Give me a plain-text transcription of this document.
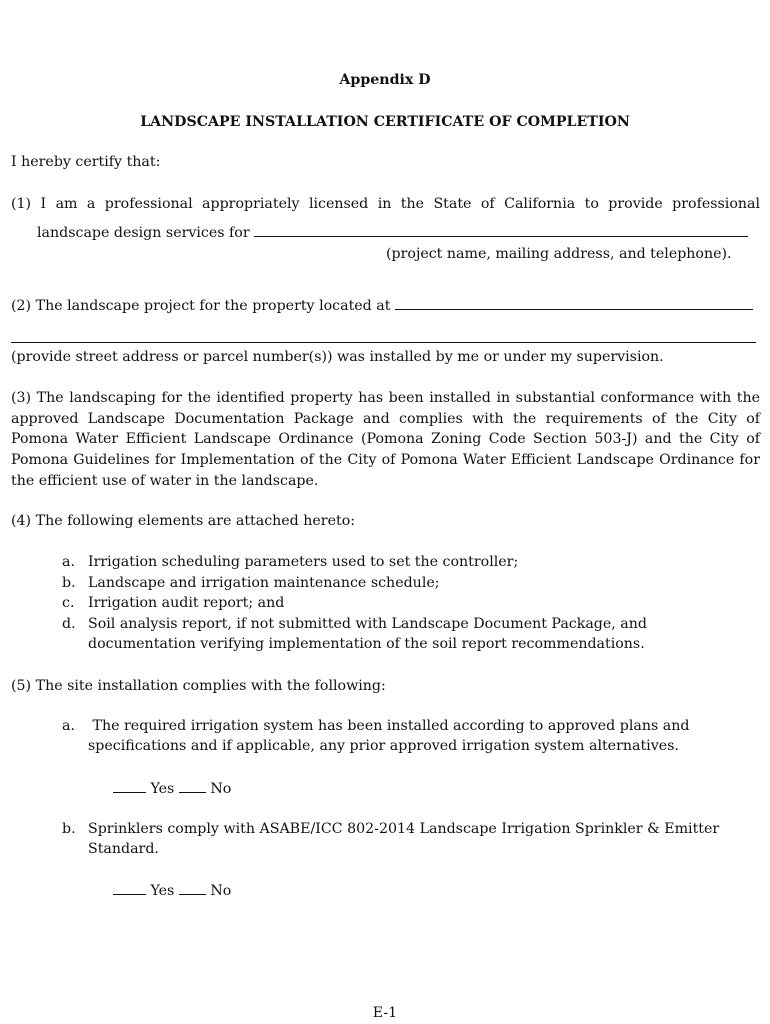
Appendix D
LANDSCAPE INSTALLATION CERTIFICATE OF COMPLETION
I hereby certify that:
(1) I am a professional appropriately licensed in the State of California to provide professional
landscape design services for
(project name, mailing address, and telephone).
(2) The landscape project for the property located at
(provide street address or parcel number(s)) was installed by me or under my supervision.
(3) The landscaping for the identified property has been installed in substantial conformance with the approved Landscape Documentation Package and complies with the requirements of the City of Pomona Water Efficient Landscape Ordinance (Pomona Zoning Code Section 503-J) and the City of Pomona Guidelines for Implementation of the City of Pomona Water Efficient Landscape Ordinance for the efficient use of water in the landscape.
(4) The following elements are attached hereto:
a. Irrigation scheduling parameters used to set the controller;
b. Landscape and irrigation maintenance schedule;
c. Irrigation audit report; and
d. Soil analysis report, if not submitted with Landscape Document Package, and
documentation verifying implementation of the soil report recommendations.
(5) The site installation complies with the following:
a. The required irrigation system has been installed according to approved plans and
specifications and if applicable, any prior approved irrigation system alternatives.
Yes	No
b. Sprinklers comply with ASABE/ICC 802-2014 Landscape Irrigation Sprinkler & Emitter
Standard.
Yes	No
E-1
